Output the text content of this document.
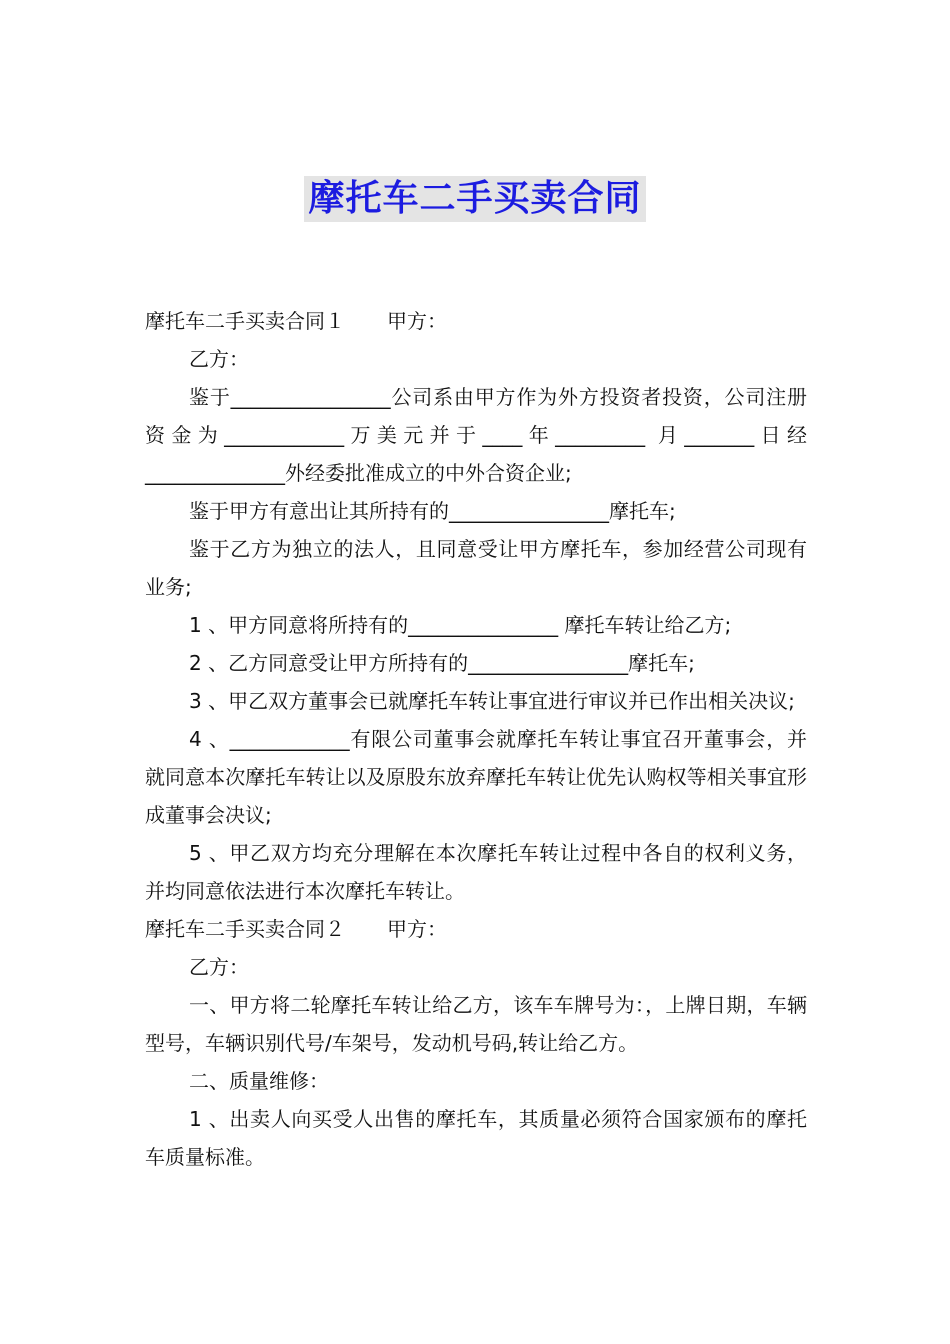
摩托车二手买卖合同

摩托车二手买卖合同１ 甲方：

乙方：

鉴于________________公司系由甲方作为外方投资者投资，公司注册资金为____________万美元并于____年_________ 月_______日经______________外经委批准成立的中外合资企业;

鉴于甲方有意出让其所持有的________________摩托车;

鉴于乙方为独立的法人，且同意受让甲方摩托车，参加经营公司现有业务;

1 、甲方同意将所持有的_______________ 摩托车转让给乙方;

2 、乙方同意受让甲方所持有的________________摩托车;

3 、甲乙双方董事会已就摩托车转让事宜进行审议并已作出相关决议;

4 、____________有限公司董事会就摩托车转让事宜召开董事会，并就同意本次摩托车转让以及原股东放弃摩托车转让优先认购权等相关事宜形成董事会决议;

5 、甲乙双方均充分理解在本次摩托车转让过程中各自的权利义务，并均同意依法进行本次摩托车转让。

摩托车二手买卖合同２ 甲方：

乙方：

一、甲方将二轮摩托车转让给乙方，该车车牌号为：，上牌日期，车辆型号，车辆识别代号/车架号，发动机号码,转让给乙方。

二、质量维修：

1 、出卖人向买受人出售的摩托车，其质量必须符合国家颁布的摩托车质量标准。
